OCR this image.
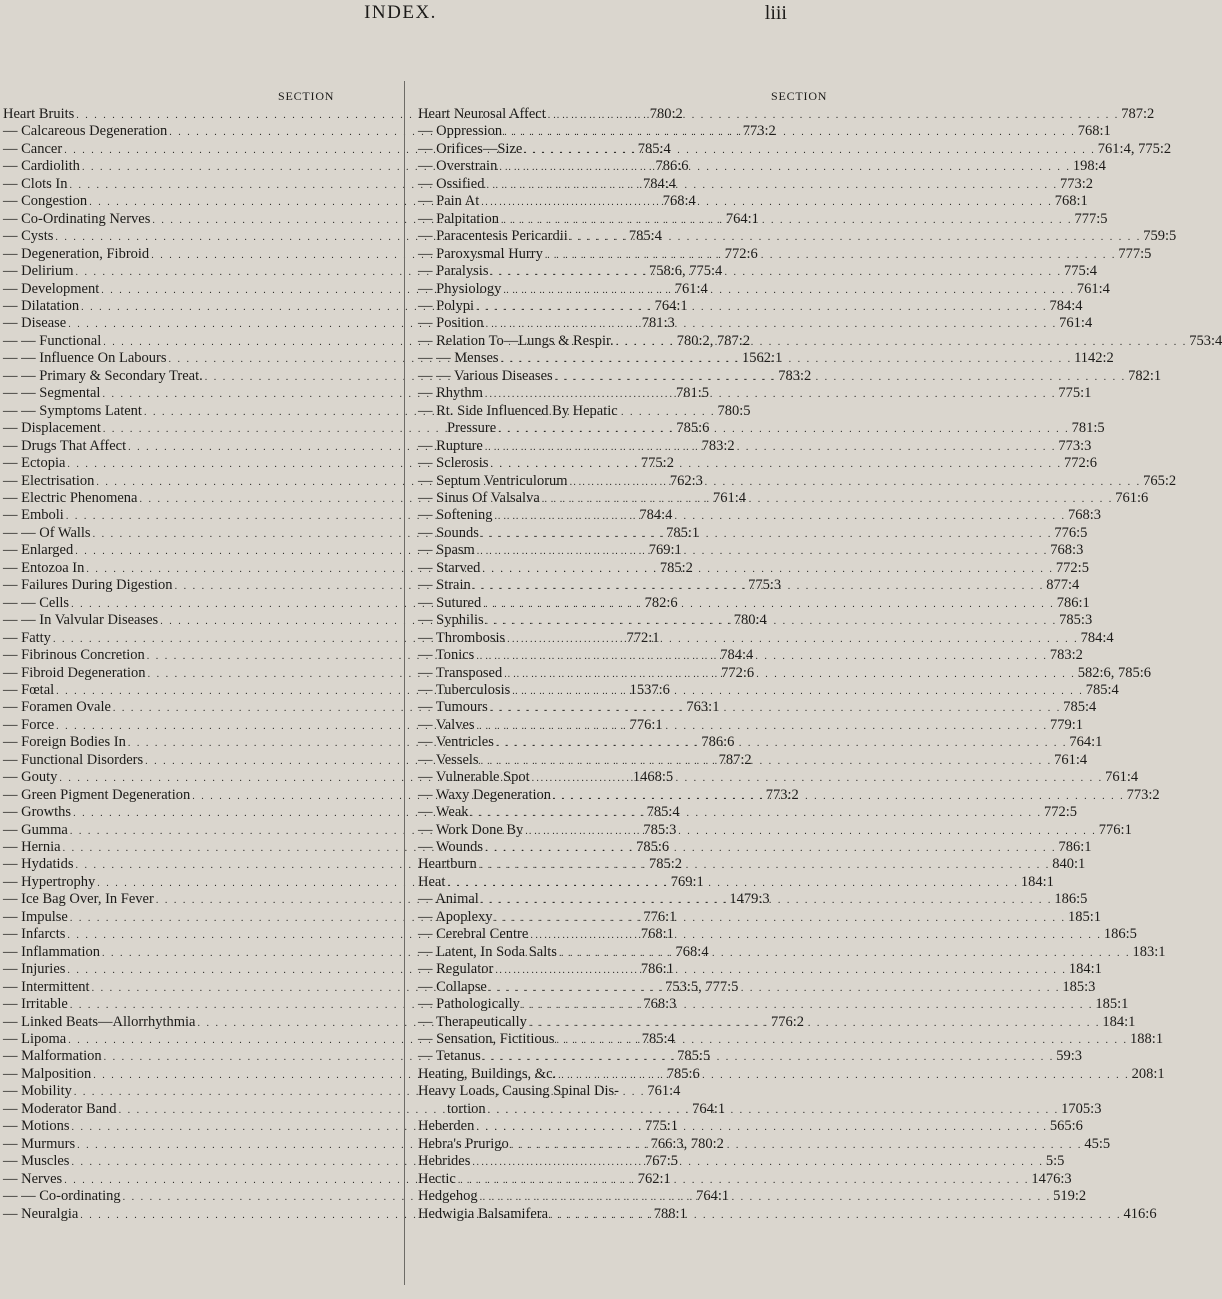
INDEX.	liii
SECTION
Heart Bruits . . .	780:2
— Calcareous Degeneration . . .	773:2
— Cancer . . .	785:4
— Cardiolith . . .	786:6
— Clots In . . .	784:4
— Congestion . . .	768:4
— Co-Ordinating Nerves . . .	764:1
— Cysts . . .	785:4
— Degeneration, Fibroid . . .	772:6
— Delirium . . .	758:6, 775:4
— Development . . .	761:4
— Dilatation . . .	764:1
— Disease . . .	781:3
— — Functional . . .	780:2, 787:2
— — Influence On Labours . . .	1562:1
— — Primary & Secondary Treat. . . .	783:2
— — Segmental . . .	781:5
— — Symptoms Latent . . .	780:5
— Displacement . . .	785:6
— Drugs That Affect . . .	783:2
— Ectopia . . .	775:2
— Electrisation . . .	762:3
— Electric Phenomena . . .	761:4
— Emboli . . .	784:4
— — Of Walls . . .	785:1
— Enlarged . . .	769:1
— Entozoa In . . .	785:2
— Failures During Digestion . . .	775:3
— — Cells . . .	782:6
— — In Valvular Diseases . . .	780:4
— Fatty . . .	772:1
— Fibrinous Concretion . . .	784:4
— Fibroid Degeneration . . .	772:6
— Fœtal . . .	1537:6
— Foramen Ovale . . .	763:1
— Force . . .	776:1
— Foreign Bodies In . . .	786:6
— Functional Disorders . . .	787:2
— Gouty . . .	1468:5
— Green Pigment Degeneration . . .	773:2
— Growths . . .	785:4
— Gumma . . .	785:3
— Hernia . . .	785:6
— Hydatids . . .	785:2
— Hypertrophy . . .	769:1
— Ice Bag Over, In Fever . . .	1479:3
— Impulse . . .	776:1
— Infarcts . . .	768:1
— Inflammation . . .	768:4
— Injuries . . .	786:1
— Intermittent . . .	753:5, 777:5
— Irritable . . .	768:3
— Linked Beats—Allorrhythmia . . .	776:2
— Lipoma . . .	785:4
— Malformation . . .	785:5
— Malposition . . .	785:6
— Mobility . . .	761:4
— Moderator Band . . .	764:1
— Motions . . .	775:1
— Murmurs . . .	766:3, 780:2
— Muscles . . .	767:5
— Nerves . . .	762:1
— — Co-ordinating . . .	764:1
— Neuralgia . . .	788:1
SECTION
Heart Neurosal Affect . . .	787:2
— Oppression . . .	768:1
— Orifices—Size . . .	761:4, 775:2
— Overstrain . . .	198:4
— Ossified . . .	773:2
— Pain At . . .	768:1
— Palpitation . . .	777:5
— Paracentesis Pericardii . . .	759:5
— Paroxysmal Hurry . . .	777:5
— Paralysis . . .	775:4
— Physiology . . .	761:4
— Polypi . . .	784:4
— Position . . .	761:4
— Relation To—Lungs & Respir. . . .	753:4
— — Menses . . .	1142:2
— — Various Diseases . . .	782:1
— Rhythm . . .	775:1
— Rt. Side Influenced By Hepatic
Pressure . . .	781:5
— Rupture . . .	773:3
— Sclerosis . . .	772:6
— Septum Ventriculorum . . .	765:2
— Sinus Of Valsalva . . .	761:6
— Softening . . .	768:3
— Sounds . . .	776:5
— Spasm . . .	768:3
— Starved . . .	772:5
— Strain . . .	877:4
— Sutured . . .	786:1
— Syphilis . . .	785:3
— Thrombosis . . .	784:4
— Tonics . . .	783:2
— Transposed . . .	582:6, 785:6
— Tuberculosis . . .	785:4
— Tumours . . .	785:4
— Valves . . .	779:1
— Ventricles . . .	764:1
— Vessels . . .	761:4
— Vulnerable Spot . . .	761:4
— Waxy Degeneration . . .	773:2
— Weak . . .	772:5
— Work Done By . . .	776:1
— Wounds . . .	786:1
Heartburn . . .	840:1
Heat . . .	184:1
— Animal . . .	186:5
— Apoplexy . . .	185:1
— Cerebral Centre . . .	186:5
— Latent, In Soda Salts . . .	183:1
— Regulator . . .	184:1
— Collapse . . .	185:3
— Pathologically . . .	185:1
— Therapeutically . . .	184:1
— Sensation, Fictitious . . .	188:1
— Tetanus . . .	59:3
Heating, Buildings, &c. . . .	208:1
Heavy Loads, Causing Spinal Dis-
tortion . . .	1705:3
Heberden . . .	565:6
Hebra's Prurigo . . .	45:5
Hebrides . . .	5:5
Hectic . . .	1476:3
Hedgehog . . .	519:2
Hedwigia Balsamifera . . .	416:6
